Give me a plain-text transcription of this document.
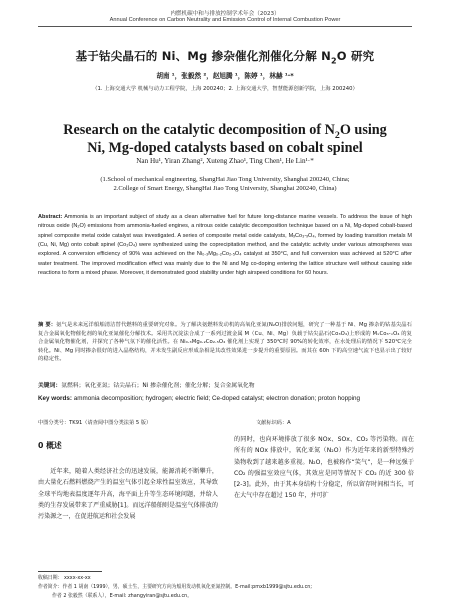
内燃机碳中和与排放控制学术年会（2023）
Annual Conference on Carbon Neutrality and Emission Control of Internal Combustion Power
基于钴尖晶石的 Ni、Mg 掺杂催化剂催化分解 $N_2O$ 研究
胡南 ¹，张毅然 ²，赵旭腾 ¹，陈婷 ¹，林赫 ¹·*
（1. 上海交通大学 机械与动力工程学院，上海 200240；2. 上海交通大学，智慧能源创新学院，上海 200240）
Research on the catalytic decomposition of $N_2O$ using
Ni, Mg-doped catalysts based on cobalt spinel
Nan Hu¹, Yiran Zhang², Xuteng Zhao¹, Ting Chen¹, He Lin¹·*
(1.School of mechanical engineering, ShangHai Jiao Tong University, Shanghai 200240, China;
2.College of Smart Energy, ShangHai Jiao Tong University, Shanghai 200240, China)
Abstract: Ammonia is an important subject of study as a clean alternative fuel for future long-distance marine vessels. To address the issue of high nitrous oxide (N₂O) emissions from ammonia-fueled engines, a nitrous oxide catalytic decomposition technique based on a Ni, Mg-doped cobalt-based spinel composite metal oxide catalyst was investigated. A series of composite metal oxide catalysts, MₓCo₃-ₓO₄, formed by loading transition metals M (Cu, Ni, Mg) onto cobalt spinel (Co₃O₄) were synthesized using the coprecipitation method, and the catalytic activity under various atmospheres was explored. A conversion efficiency of 90% was achieved on the Ni₀.₃Mg₀.₂Co₂.₅O₄ catalyst at 350°C, and full conversion was achieved at 520°C after water treatment. The improved modification effect was mainly due to the Ni and Mg co-doping entering the lattice structure well without causing side reactions to form a mixed phase. Moreover, it demonstrated good stability under high airspeed conditions for 60 hours.
摘 要：氨气是未来远洋船舶清洁替代燃料的重要研究对象。为了解决氨燃料发动机的高氧化亚氮(N₂O)排放问题，研究了一种基于 Ni、Mg 掺杂的钴基尖晶石复合金属氧化物催化剂的氧化亚氮催化分解技术。采用共沉淀法合成了一系列过渡金属 M（Cu、Ni、Mg）负载于钴尖晶石(Co₃O₄)上形成的 MₓCo₃-ₓO₄ 的复合金属氧化物催化剂，并探究了各种气氛下的催化活性。在 Ni₀.₃Mg₀.₂Co₂.₅O₄ 催化剂上实现了 350℃时 90%的转化效率，在水处理后的情况下 520℃完全转化。Ni、Mg 同时掺杂很好的进入晶格结构，并未发生副反应形成杂相是其改性效果进一步提升的重要原因。而其在 60h 下的高空速气流下也显示出了较好的稳定性。
关键词：氨燃料；氧化亚氮；钴尖晶石；Ni 掺杂催化剂；催化分解；复合金属氧化物
Key words: ammonia decomposition; hydrogen; electric field; Ce-doped catalyst; electron donation; proton hopping
中图分类号：TK91（请查阅中图分类法第 5 版）	文献标识码：A
0 概述
  近年来，随着人类经济社会的迅速发展，能源消耗不断攀升，由大量化石燃料燃烧产生的温室气体引起全球性温室效应，其导致全球平均地表温度逐年升高，海平面上升等生态环境问题，并给人类的生存发展带来了严重威胁[1]。而远洋船舶则是温室气体排放的污染源之一，在促进航运和社会发展
的同时，也向环境排放了很多 NOx、SOx、CO₂ 等污染物。而在所有的 NOx 排放中，氧化亚氮（N₂O）作为近年来的新型特殊污染物收到了越来越多重视。N₂O，也被称作“笑气”，是一种远强于 CO₂ 的强温室效应气体，其效应是同等情况下 CO₂ 的近 300 倍[2-3]。此外，由于其本身结构十分稳定，所以留存时间相当长，可在大气中存在超过 150 年，并可扩
收稿日期： xxxx-xx-xx
作者简介：作者 1 胡南（1999），男，硕士生，主要研究方向为船用发动机氧化亚氮控制。E-mail:pmxb1999@sjtu.edu.cn;
作者 2 张毅然（联系人），E-mail: zhangyiran@sjtu.edu.cn。
